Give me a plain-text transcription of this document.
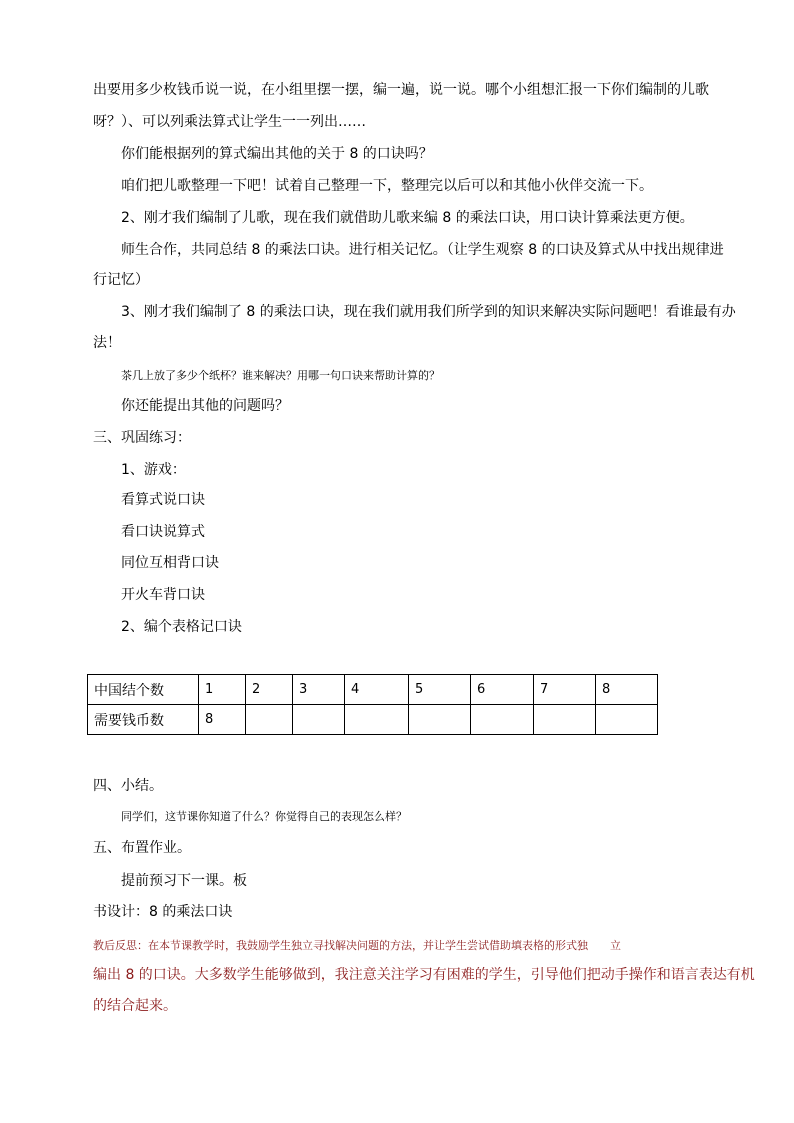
出要用多少枚钱币说一说，在小组里摆一摆，编一遍，说一说。哪个小组想汇报一下你们编制的儿歌
呀？）、可以列乘法算式让学生一一列出……
你们能根据列的算式编出其他的关于 8 的口诀吗？
咱们把儿歌整理一下吧！试着自己整理一下，整理完以后可以和其他小伙伴交流一下。
2、刚才我们编制了儿歌，现在我们就借助儿歌来编 8 的乘法口诀，用口诀计算乘法更方便。
师生合作，共同总结 8 的乘法口诀。进行相关记忆。（让学生观察 8 的口诀及算式从中找出规律进
行记忆）
3、刚才我们编制了 8 的乘法口诀，现在我们就用我们所学到的知识来解决实际问题吧！看谁最有办
法！
茶几上放了多少个纸杯？谁来解决？用哪一句口诀来帮助计算的？
你还能提出其他的问题吗？
三、巩固练习：
1、游戏：
看算式说口诀
看口诀说算式
同位互相背口诀
开火车背口诀
2、编个表格记口诀
中国结个数	1	2	3	4	5	6	7	8
需要钱币数	8							
四、小结。
同学们，这节课你知道了什么？你觉得自己的表现怎么样？
五、布置作业。
提前预习下一课。板
书设计：8 的乘法口诀
教后反思：在本节课教学时，我鼓励学生独立寻找解决问题的方法，并让学生尝试借助填表格的形式独　　立
编出 8 的口诀。大多数学生能够做到，我注意关注学习有困难的学生，引导他们把动手操作和语言表达有机
的结合起来。
